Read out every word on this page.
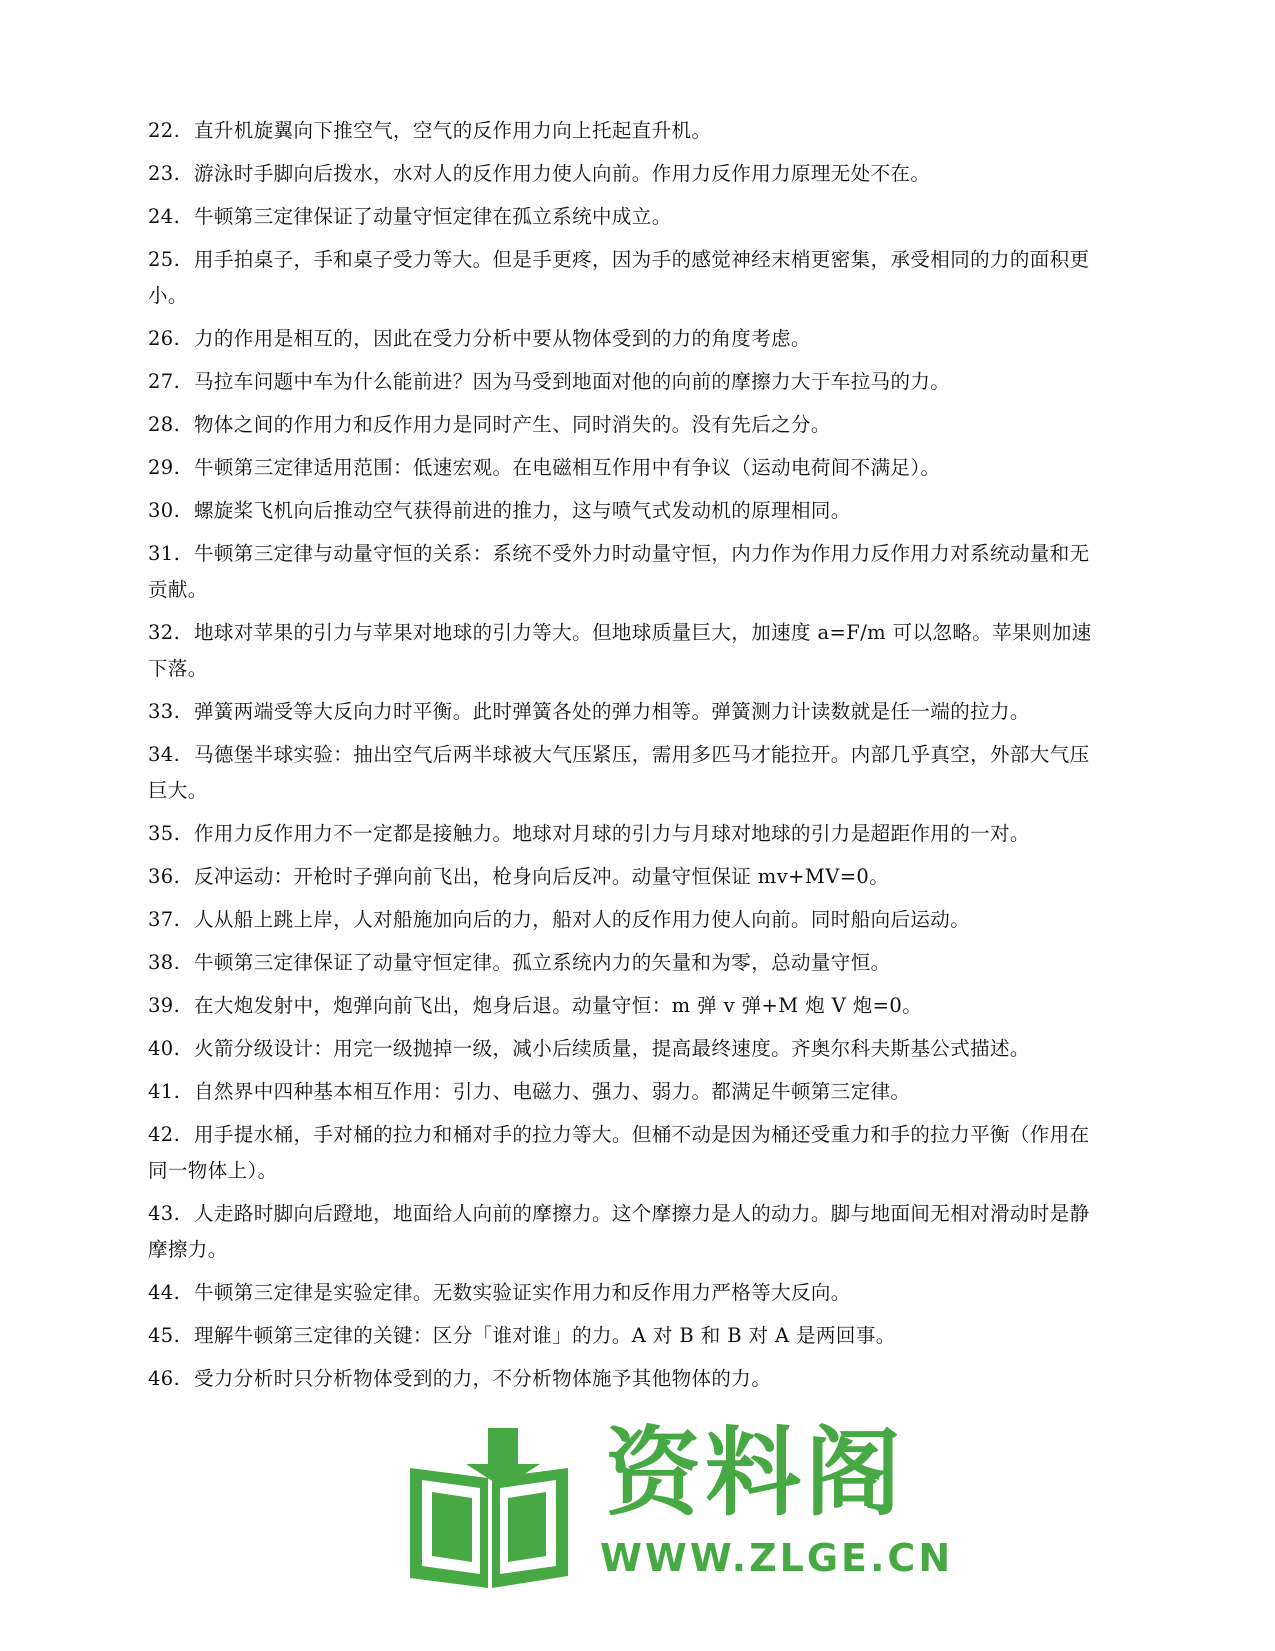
22. 直升机旋翼向下推空气，空气的反作用力向上托起直升机。
23. 游泳时手脚向后拨水，水对人的反作用力使人向前。作用力反作用力原理无处不在。
24. 牛顿第三定律保证了动量守恒定律在孤立系统中成立。
25. 用手拍桌子，手和桌子受力等大。但是手更疼，因为手的感觉神经末梢更密集，承受相同的力的面积更小。
26. 力的作用是相互的，因此在受力分析中要从物体受到的力的角度考虑。
27. 马拉车问题中车为什么能前进？因为马受到地面对他的向前的摩擦力大于车拉马的力。
28. 物体之间的作用力和反作用力是同时产生、同时消失的。没有先后之分。
29. 牛顿第三定律适用范围：低速宏观。在电磁相互作用中有争议（运动电荷间不满足）。
30. 螺旋桨飞机向后推动空气获得前进的推力，这与喷气式发动机的原理相同。
31. 牛顿第三定律与动量守恒的关系：系统不受外力时动量守恒，内力作为作用力反作用力对系统动量和无贡献。
32. 地球对苹果的引力与苹果对地球的引力等大。但地球质量巨大，加速度 a=F/m 可以忽略。苹果则加速下落。
33. 弹簧两端受等大反向力时平衡。此时弹簧各处的弹力相等。弹簧测力计读数就是任一端的拉力。
34. 马德堡半球实验：抽出空气后两半球被大气压紧压，需用多匹马才能拉开。内部几乎真空，外部大气压巨大。
35. 作用力反作用力不一定都是接触力。地球对月球的引力与月球对地球的引力是超距作用的一对。
36. 反冲运动：开枪时子弹向前飞出，枪身向后反冲。动量守恒保证 mv+MV=0。
37. 人从船上跳上岸，人对船施加向后的力，船对人的反作用力使人向前。同时船向后运动。
38. 牛顿第三定律保证了动量守恒定律。孤立系统内力的矢量和为零，总动量守恒。
39. 在大炮发射中，炮弹向前飞出，炮身后退。动量守恒：m 弹 v 弹+M 炮 V 炮=0。
40. 火箭分级设计：用完一级抛掉一级，减小后续质量，提高最终速度。齐奥尔科夫斯基公式描述。
41. 自然界中四种基本相互作用：引力、电磁力、强力、弱力。都满足牛顿第三定律。
42. 用手提水桶，手对桶的拉力和桶对手的拉力等大。但桶不动是因为桶还受重力和手的拉力平衡（作用在同一物体上）。
43. 人走路时脚向后蹬地，地面给人向前的摩擦力。这个摩擦力是人的动力。脚与地面间无相对滑动时是静摩擦力。
44. 牛顿第三定律是实验定律。无数实验证实作用力和反作用力严格等大反向。
45. 理解牛顿第三定律的关键：区分「谁对谁」的力。A 对 B 和 B 对 A 是两回事。
46. 受力分析时只分析物体受到的力，不分析物体施予其他物体的力。
资料阁
WWW.ZLGE.CN
